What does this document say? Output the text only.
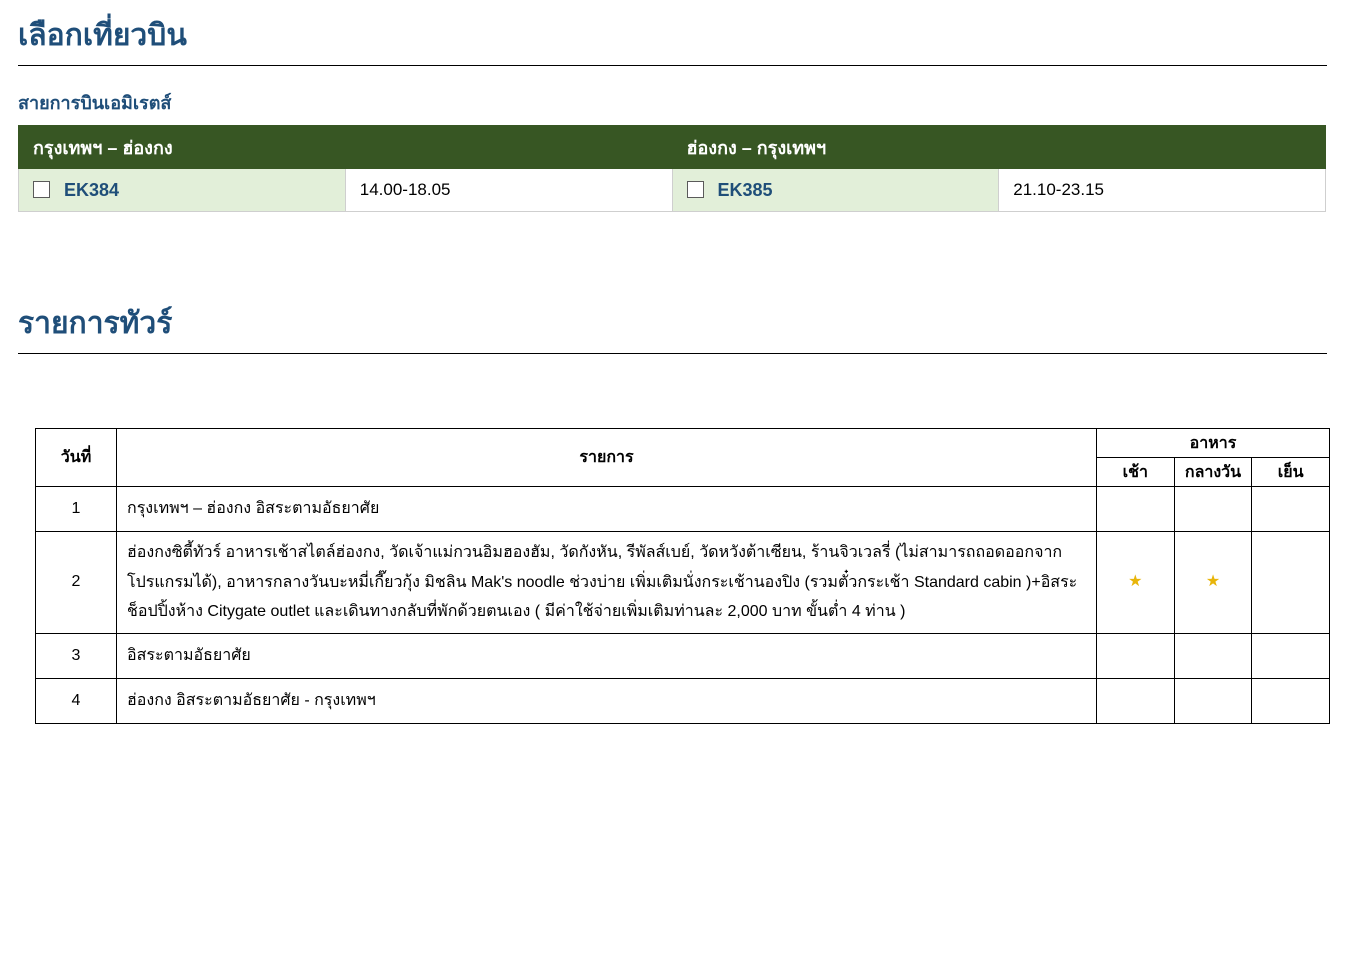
เลือกเที่ยวบิน
สายการบินเอมิเรตส์
กรุงเทพฯ – ฮ่องกง		ฮ่องกง – กรุงเทพฯ	
EK384	14.00-18.05	EK385	21.10-23.15
รายการทัวร์
วันที่	รายการ	อาหาร		
		เช้า	กลางวัน	เย็น
1	กรุงเทพฯ – ฮ่องกง อิสระตามอัธยาศัย			
2	ฮ่องกงซิตี้ทัวร์ อาหารเช้าสไตล์ฮ่องกง, วัดเจ้าแม่กวนอิมฮองฮัม, วัดกังหัน, รีพัลส์เบย์, วัดหวังต้าเซียน, ร้านจิวเวลรี่ (ไม่สามารถถอดออกจากโปรแกรมได้), อาหารกลางวันบะหมี่เกี๊ยวกุ้ง มิชลิน Mak's noodle ช่วงบ่าย เพิ่มเติมนั่งกระเช้านองปิง (รวมตั๋วกระเช้า Standard cabin )+อิสระช็อปปิ้งห้าง Citygate outlet และเดินทางกลับที่พักด้วยตนเอง ( มีค่าใช้จ่ายเพิ่มเติมท่านละ 2,000 บาท ขั้นต่ำ 4 ท่าน )	★	★	
3	อิสระตามอัธยาศัย			
4	ฮ่องกง อิสระตามอัธยาศัย - กรุงเทพฯ			
